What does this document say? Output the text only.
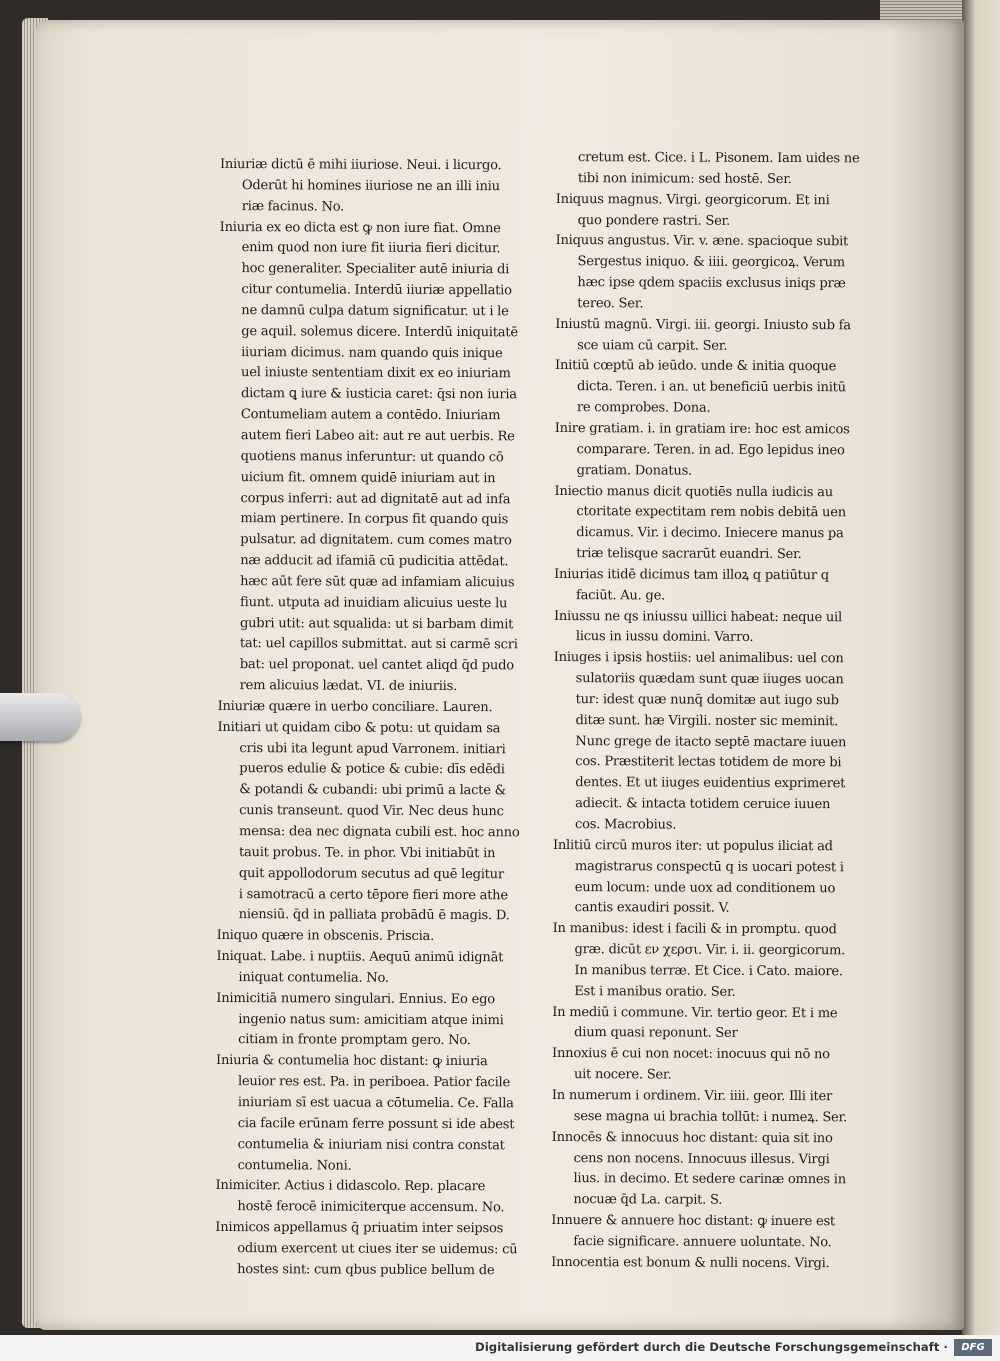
Iniuriæ dictū ē mihi iiuriose. Neui. i licurgo.
Oderūt hi homines iiuriose ne an illi iniu
riæ facinus. No.
Iniuria ex eo dicta est ꝙ non iure fiat. Omne
enim quod non iure fit iiuria fieri dicitur.
hoc generaliter. Specialiter autē iniuria di
citur contumelia. Interdū iiuriæ appellatio
ne damnū culpa datum significatur. ut i le
ge aquil. solemus dicere. Interdū iniquitatē
iiuriam dicimus. nam quando quis inique
uel iniuste sententiam dixit ex eo iniuriam
dictam ꝗ iure & iusticia caret: q̄si non iuria
Contumeliam autem a contēdo. Iniuriam
autem fieri Labeo ait: aut re aut uerbis. Re
quotiens manus inferuntur: ut quando cō
uicium fit. omnem quidē iniuriam aut in
corpus inferri: aut ad dignitatē aut ad infa
miam pertinere. In corpus fit quando quis
pulsatur. ad dignitatem. cum comes matro
næ adducit ad ifamiā cū pudicitia attēdat.
hæc aūt fere sūt quæ ad infamiam alicuius
fiunt. utputa ad inuidiam alicuius ueste lu
gubri utit: aut squalida: ut si barbam dimit
tat: uel capillos submittat. aut si carmē scri
bat: uel proponat. uel cantet aliqd q̄d pudo
rem alicuius lædat. VI. de iniuriis.
Iniuriæ quære in uerbo conciliare. Lauren.
Initiari ut quidam cibo & potu: ut quidam sa
cris ubi ita legunt apud Varronem. initiari
pueros edulie & potice & cubie: dīs edēdi
& potandi & cubandi: ubi primū a lacte &
cunis transeunt. quod Vir. Nec deus hunc
mensa: dea nec dignata cubili est. hoc anno
tauit probus. Te. in phor. Vbi initiabūt in
quit appollodorum secutus ad quē legitur
i samotracū a certo tēpore fieri more athe
niensiū. q̄d in palliata probādū ē magis. D.
Iniquo quære in obscenis. Priscia.
Iniquat. Labe. i nuptiis. Aequū animū idignāt
iniquat contumelia. No.
Inimicitiā numero singulari. Ennius. Eo ego
ingenio natus sum: amicitiam atque inimi
citiam in fronte promptam gero. No.
Iniuria & contumelia hoc distant: ꝙ iniuria
leuior res est. Pa. in periboea. Patior facile
iniuriam sī est uacua a cōtumelia. Ce. Falla
cia facile erūnam ferre possunt si ide abest
contumelia & iniuriam nisi contra constat
contumelia. Noni.
Inimiciter. Actius i didascolo. Rep. placare
hostē ferocē inimiciterque accensum. No.
Inimicos appellamus q̄ priuatim inter seipsos
odium exercent ut ciues iter se uidemus: cū
hostes sint: cum qbus publice bellum de
cretum est. Cice. i L. Pisonem. Iam uides ne
tibi non inimicum: sed hostē. Ser.
Iniquus magnus. Virgi. georgicorum. Et ini
quo pondere rastri. Ser.
Iniquus angustus. Vir. v. æne. spacioque subit
Sergestus iniquo. & iiii. georgicoꝝ. Verum
hæc ipse qdem spaciis exclusus iniqs præ
tereo. Ser.
Iniustū magnū. Virgi. iii. georgi. Iniusto sub fa
sce uiam cū carpit. Ser.
Initiū cœptū ab ieūdo. unde & initia quoque
dicta. Teren. i an. ut beneficiū uerbis initū
re comprobes. Dona.
Inire gratiam. i. in gratiam ire: hoc est amicos
comparare. Teren. in ad. Ego lepidus ineo
gratiam. Donatus.
Iniectio manus dicit quotiēs nulla iudicis au
ctoritate expectitam rem nobis debitā uen
dicamus. Vir. i decimo. Iniecere manus pa
triæ telisque sacrarūt euandri. Ser.
Iniurias itidē dicimus tam illoꝝ q patiūtur q
faciūt. Au. ge.
Iniussu ne qs iniussu uillici habeat: neque uil
licus in iussu domini. Varro.
Iniuges i ipsis hostiis: uel animalibus: uel con
sulatoriis quædam sunt quæ iiuges uocan
tur: idest quæ nunq̄ domitæ aut iugo sub
ditæ sunt. hæ Virgili. noster sic meminit.
Nunc grege de itacto septē mactare iuuen
cos. Præstiterit lectas totidem de more bi
dentes. Et ut iiuges euidentius exprimeret
adiecit. & intacta totidem ceruice iuuen
cos. Macrobius.
Inlitiū circū muros iter: ut populus iliciat ad
magistrarus conspectū q is uocari potest i
eum locum: unde uox ad conditionem uo
cantis exaudiri possit. V.
In manibus: idest i facili & in promptu. quod
græ. dicūt εν χερσι. Vir. i. ii. georgicorum.
In manibus terræ. Et Cice. i Cato. maiore.
Est i manibus oratio. Ser.
In mediū i commune. Vir. tertio geor. Et i me
dium quasi reponunt. Ser
Innoxius ē cui non nocet: inocuus qui nō no
uit nocere. Ser.
In numerum i ordinem. Vir. iiii. geor. Illi iter
sese magna ui brachia tollūt: i numeꝝ. Ser.
Innocēs & innocuus hoc distant: quia sit ino
cens non nocens. Innocuus illesus. Virgi
lius. in decimo. Et sedere carinæ omnes in
nocuæ q̄d La. carpit. S.
Innuere & annuere hoc distant: ꝙ inuere est
facie significare. annuere uoluntate. No.
Innocentia est bonum & nulli nocens. Virgi.
Digitalisierung gefördert durch die Deutsche Forschungsgemeinschaft ·	DFG
